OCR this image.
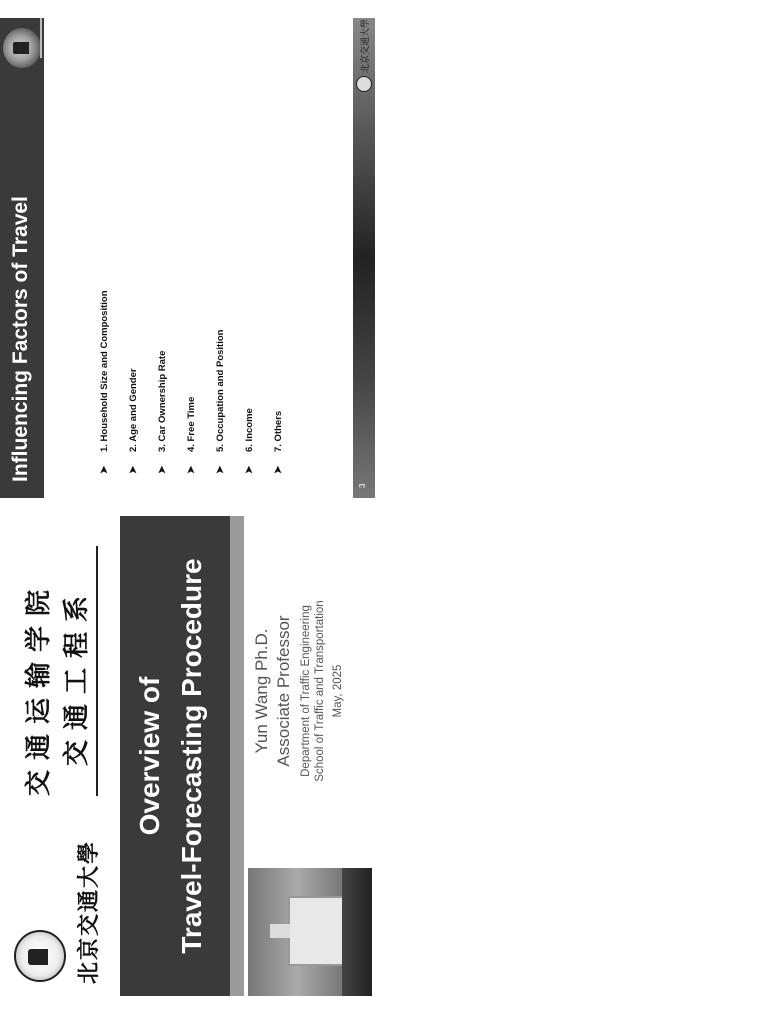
北京交通大學
交通运输学院 交通工程系 Overview of Travel-Forecasting Procedure	Yun Wang Ph.D. Associate Professor Department of Traffic Engineering School of Traffic and Transportation May, 2025
Influencing Factors of Travel	➤
1. Household Size and Composition
➤
2. Age and Gender
➤
3. Car Ownership Rate
➤
4. Free Time
➤
5. Occupation and Position
➤
6. Income
➤
7. Others
3
北京交通大學
